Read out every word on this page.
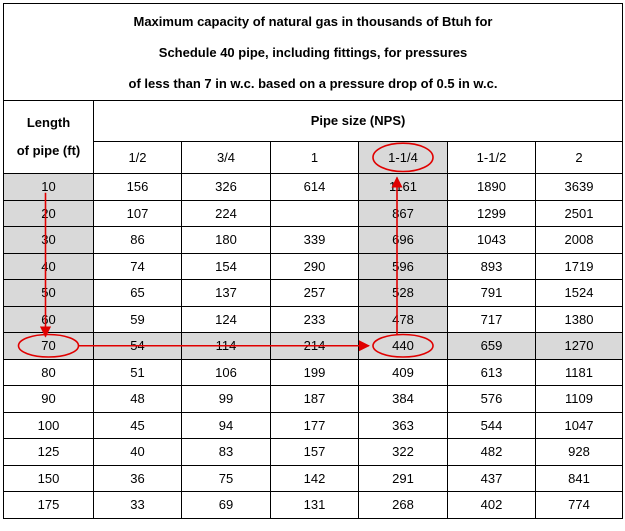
Maximum capacity of natural gas in thousands of Btuh for
Schedule 40 pipe, including fittings, for pressures
of less than 7 in w.c. based on a pressure drop of 0.5 in w.c.						

Length
of pipe (ft)	Pipe size (NPS)					
	1/2	3/4	1	1-1/4	1-1/2	2
10	156	326	614	1161	1890	3639
20	107	224		867	1299	2501
30	86	180	339	696	1043	2008
40	74	154	290	596	893	1719
50	65	137	257	528	791	1524
60	59	124	233	478	717	1380
70	54	114	214	440	659	1270
80	51	106	199	409	613	1181
90	48	99	187	384	576	1109
100	45	94	177	363	544	1047
125	40	83	157	322	482	928
150	36	75	142	291	437	841
175	33	69	131	268	402	774
